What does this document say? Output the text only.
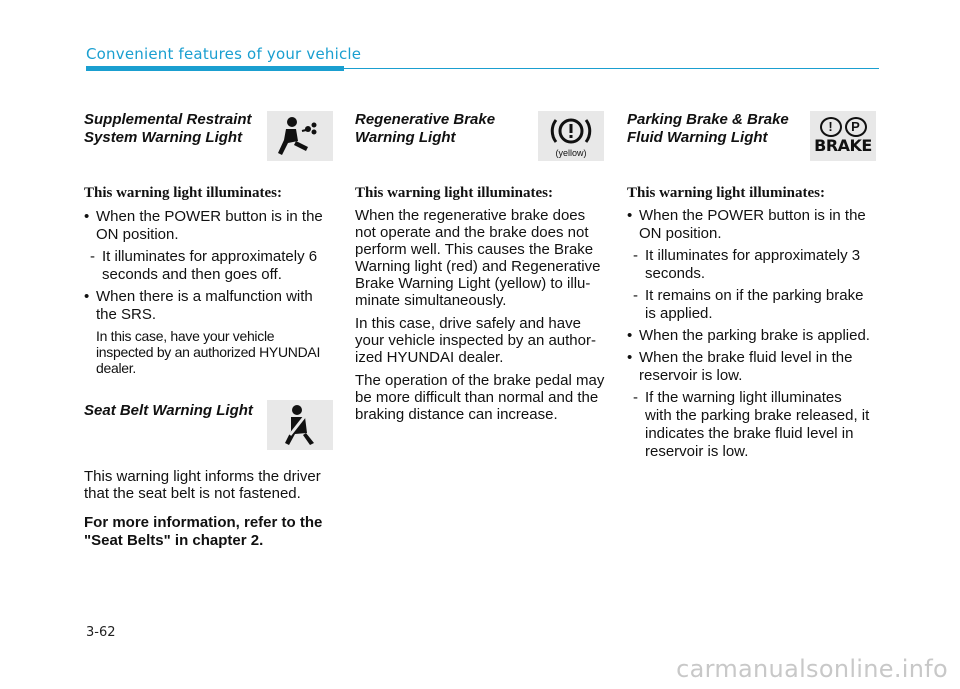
Convenient features of your vehicle

Supplemental Restraint
System Warning Light

This warning light illuminates:

• When the POWER button is in the
ON position.

- It illuminates for approximately 6
seconds and then goes off.

• When there is a malfunction with
the SRS.

In this case, have your vehicle
inspected by an authorized HYUNDAI
dealer.

Seat Belt Warning Light

This warning light informs the driver
that the seat belt is not fastened.

For more information, refer to the
"Seat Belts" in chapter 2.

Regenerative Brake
Warning Light

(yellow)

This warning light illuminates:

When the regenerative brake does
not operate and the brake does not
perform well. This causes the Brake
Warning light (red) and Regenerative
Brake Warning Light (yellow) to illu-
minate simultaneously.

In this case, drive safely and have
your vehicle inspected by an author-
ized HYUNDAI dealer.

The operation of the brake pedal may
be more difficult than normal and the
braking distance can increase.

Parking Brake & Brake
Fluid Warning Light

!	P
BRAKE

This warning light illuminates:

• When the POWER button is in the
ON position.

- It illuminates for approximately 3
seconds.

- It remains on if the parking brake
is applied.

• When the parking brake is applied.

• When the brake fluid level in the
reservoir is low.

- If the warning light illuminates
with the parking brake released, it
indicates the brake fluid level in
reservoir is low.

3-62
carmanualsonline.info
